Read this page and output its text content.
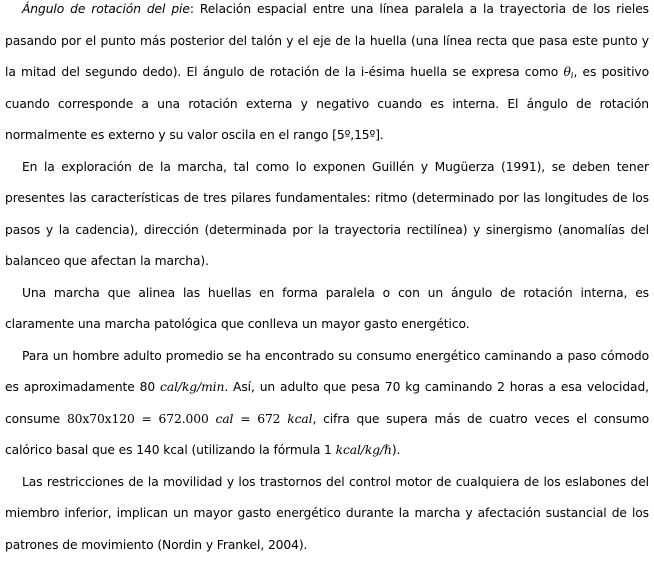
Ángulo de rotación del pie: Relación espacial entre una línea paralela a la trayectoria de los rieles pasando por el punto más posterior del talón y el eje de la huella (una línea recta que pasa este punto y la mitad del segundo dedo). El ángulo de rotación de la i-ésima huella se expresa como $\theta_i$, es positivo cuando corresponde a una rotación externa y negativo cuando es interna. El ángulo de rotación normalmente es externo y su valor oscila en el rango [5º,15º].

En la exploración de la marcha, tal como lo exponen Guillén y Mugüerza (1991), se deben tener presentes las características de tres pilares fundamentales: ritmo (determinado por las longitudes de los pasos y la cadencia), dirección (determinada por la trayectoria rectilínea) y sinergismo (anomalías del balanceo que afectan la marcha).

Una marcha que alinea las huellas en forma paralela o con un ángulo de rotación interna, es claramente una marcha patológica que conlleva un mayor gasto energético.

Para un hombre adulto promedio se ha encontrado su consumo energético caminando a paso cómodo es aproximadamente 80 cal/kg/min. Así, un adulto que pesa 70 kg caminando 2 horas a esa velocidad, consume 80x70x120 = 672.000 cal = 672 kcal, cifra que supera más de cuatro veces el consumo calórico basal que es 140 kcal (utilizando la fórmula 1 kcal/kg/ℏ).

Las restricciones de la movilidad y los trastornos del control motor de cualquiera de los eslabones del miembro inferior, implican un mayor gasto energético durante la marcha y afectación sustancial de los patrones de movimiento (Nordin y Frankel, 2004).
